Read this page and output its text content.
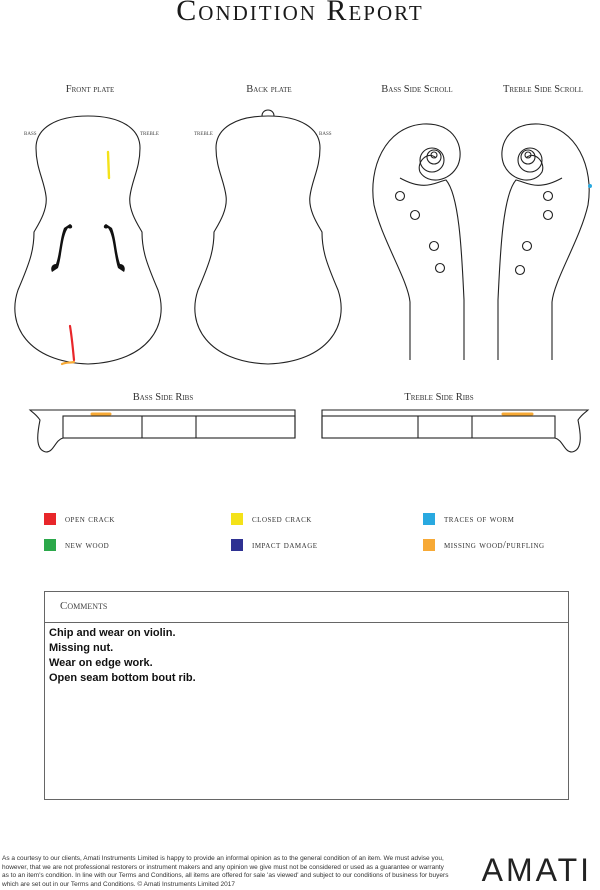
Condition Report
Front plate	Back plate	Bass Side Scroll	Treble Side Scroll
bass	treble	treble	bass
Bass Side Ribs	Treble Side Ribs
open crack	closed crack	traces of worm
new wood	impact damage	missing wood/purfling
Comments
Chip and wear on violin.
Missing nut.
Wear on edge work.
Open seam bottom bout rib.
As a courtesy to our clients, Amati Instruments Limited is happy to provide an informal opinion as to the general condition of an item. We must advise you, however, that we are not professional restorers or instrument makers and any opinion we give must not be considered or used as a guarantee or warranty as to an item's condition. In line with our Terms and Conditions, all items are offered for sale 'as viewed' and subject to our conditions of business for buyers which are set out in our Terms and Conditions. © Amati Instruments Limited 2017	AMATI
